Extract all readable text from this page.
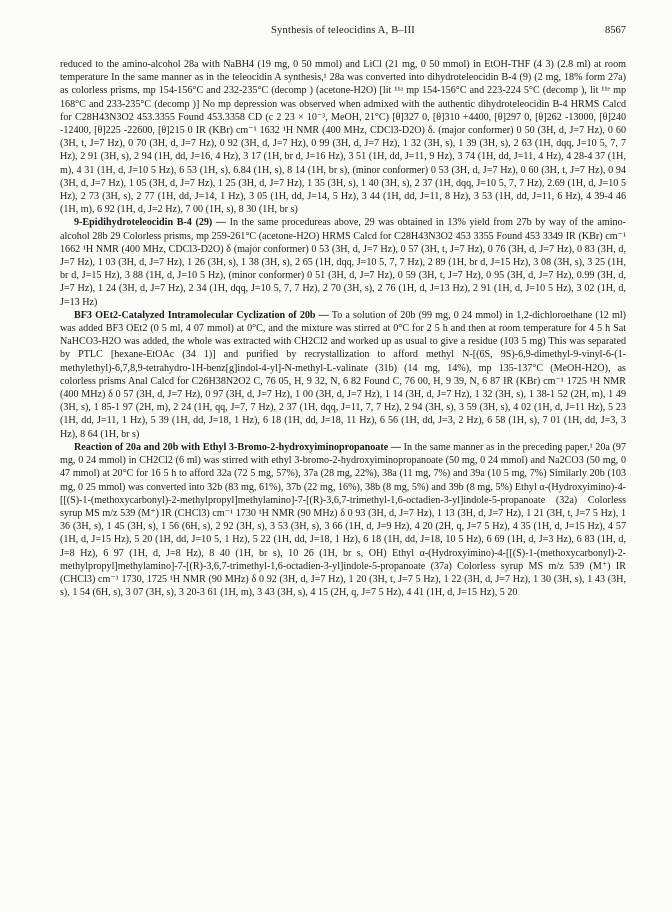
Synthesis of teleocidins A, B–III	8567

reduced to the amino-alcohol 28a with NaBH4 (19 mg, 0 50 mmol) and LiCl (21 mg, 0 50 mmol) in EtOH-THF (4 3) (2.8 ml) at room temperature In the same manner as in the teleocidin A synthesis,¹ 28a was converted into dihydroteleocidin B-4 (9) (2 mg, 18% form 27a) as colorless prisms, mp 154-156°C and 232-235°C (decomp ) (acetone-H2O) [lit ¹¹ᵃ mp 154-156°C and 223-224 5°C (decomp ), lit ¹¹ᵉ mp 168°C and 233-235°C (decomp )] No mp depression was observed when admixed with the authentic dihydroteleocidin B-4 HRMS Calcd for C28H43N3O2 453.3355 Found 453.3358 CD (c 2 23 × 10⁻³, MeOH, 21°C) [θ]327 0, [θ]310 +4400, [θ]297 0, [θ]262 -13000, [θ]240 -12400, [θ]225 -22600, [θ]215 0 IR (KBr) cm⁻¹ 1632 ¹H NMR (400 MHz, CDCl3-D2O) δ. (major conformer) 0 50 (3H, d, J=7 Hz), 0 60 (3H, t, J=7 Hz), 0 70 (3H, d, J=7 Hz), 0 92 (3H, d, J=7 Hz), 0 99 (3H, d, J=7 Hz), 1 32 (3H, s), 1 39 (3H, s), 2 63 (1H, dqq, J=10 5, 7, 7 Hz), 2 91 (3H, s), 2 94 (1H, dd, J=16, 4 Hz), 3 17 (1H, br d, J=16 Hz), 3 51 (1H, dd, J=11, 9 Hz), 3 74 (1H, dd, J=11, 4 Hz), 4 28-4 37 (1H, m), 4 31 (1H, d, J=10 5 Hz), 6 53 (1H, s), 6.84 (1H, s), 8 14 (1H, br s), (minor conformer) 0 53 (3H, d, J=7 Hz), 0 60 (3H, t, J=7 Hz), 0 94 (3H, d, J=7 Hz), 1 05 (3H, d, J=7 Hz), 1 25 (3H, d, J=7 Hz), 1 35 (3H, s), 1 40 (3H, s), 2 37 (1H, dqq, J=10 5, 7, 7 Hz), 2.69 (1H, d, J=10 5 Hz), 2 73 (3H, s), 2 77 (1H, dd, J=14, 1 Hz), 3 05 (1H, dd, J=14, 5 Hz), 3 44 (1H, dd, J=11, 8 Hz), 3 53 (1H, dd, J=11, 6 Hz), 4 39-4 46 (1H, m), 6 92 (1H, d, J=2 Hz), 7 00 (1H, s), 8 30 (1H, br s)

9-Epidihydroteleocidin B-4 (29) — In the same procedureas above, 29 was obtained in 13% yield from 27b by way of the amino-alcohol 28b 29 Colorless prisms, mp 259-261°C (acetone-H2O) HRMS Calcd for C28H43N3O2 453 3355 Found 453 3349 IR (KBr) cm⁻¹ 1662 ¹H NMR (400 MHz, CDCl3-D2O) δ (major conformer) 0 53 (3H, d, J=7 Hz), 0 57 (3H, t, J=7 Hz), 0 76 (3H, d, J=7 Hz), 0 83 (3H, d, J=7 Hz), 1 03 (3H, d, J=7 Hz), 1 26 (3H, s), 1 38 (3H, s), 2 65 (1H, dqq, J=10 5, 7, 7 Hz), 2 89 (1H, br d, J=15 Hz), 3 08 (3H, s), 3 25 (1H, br d, J=15 Hz), 3 88 (1H, d, J=10 5 Hz), (minor conformer) 0 51 (3H, d, J=7 Hz), 0 59 (3H, t, J=7 Hz), 0 95 (3H, d, J=7 Hz), 0.99 (3H, d, J=7 Hz), 1 24 (3H, d, J=7 Hz), 2 34 (1H, dqq, J=10 5, 7, 7 Hz), 2 70 (3H, s), 2 76 (1H, d, J=13 Hz), 2 91 (1H, d, J=10 5 Hz), 3 02 (1H, d, J=13 Hz)

BF3 OEt2-Catalyzed Intramolecular Cyclization of 20b — To a solution of 20b (99 mg, 0 24 mmol) in 1,2-dichloroethane (12 ml) was added BF3 OEt2 (0 5 ml, 4 07 mmol) at 0°C, and the mixture was stirred at 0°C for 2 5 h and then at room temperature for 4 5 h Sat NaHCO3-H2O was added, the whole was extracted with CH2Cl2 and worked up as usual to give a residue (103 5 mg) This was separated by PTLC [hexane-EtOAc (34 1)] and purified by recrystallization to afford methyl N-[(6S, 9S)-6,9-dimethyl-9-vinyl-6-(1-methylethyl)-6,7,8,9-tetrahydro-1H-benz[g]indol-4-yl]-N-methyl-L-valinate (31b) (14 mg, 14%), mp 135-137°C (MeOH-H2O), as colorless prisms Anal Calcd for C26H38N2O2 C, 76 05, H, 9 32, N, 6 82 Found C, 76 00, H, 9 39, N, 6 87 IR (KBr) cm⁻¹ 1725 ¹H NMR (400 MHz) δ 0 57 (3H, d, J=7 Hz), 0 97 (3H, d, J=7 Hz), 1 00 (3H, d, J=7 Hz), 1 14 (3H, d, J=7 Hz), 1 32 (3H, s), 1 38-1 52 (2H, m), 1 49 (3H, s), 1 85-1 97 (2H, m), 2 24 (1H, qq, J=7, 7 Hz), 2 37 (1H, dqq, J=11, 7, 7 Hz), 2 94 (3H, s), 3 59 (3H, s), 4 02 (1H, d, J=11 Hz), 5 23 (1H, dd, J=11, 1 Hz), 5 39 (1H, dd, J=18, 1 Hz), 6 18 (1H, dd, J=18, 11 Hz), 6 56 (1H, dd, J=3, 2 Hz), 6 58 (1H, s), 7 01 (1H, dd, J=3, 3 Hz), 8 64 (1H, br s)

Reaction of 20a and 20b with Ethyl 3-Bromo-2-hydroxyiminopropanoate — In the same manner as in the preceding paper,¹ 20a (97 mg, 0 24 mmol) in CH2Cl2 (6 ml) was stirred with ethyl 3-bromo-2-hydroxyiminopropanoate (50 mg, 0 24 mmol) and Na2CO3 (50 mg, 0 47 mmol) at 20°C for 16 5 h to afford 32a (72 5 mg, 57%), 37a (28 mg, 22%), 38a (11 mg, 7%) and 39a (10 5 mg, 7%) Similarly 20b (103 mg, 0 25 mmol) was converted into 32b (83 mg, 61%), 37b (22 mg, 16%), 38b (8 mg, 5%) and 39b (8 mg, 5%) Ethyl α-(Hydroxyimino)-4-[[(S)-1-(methoxycarbonyl)-2-methylpropyl]methylamino]-7-[(R)-3,6,7-trimethyl-1,6-octadien-3-yl]indole-5-propanoate (32a) Colorless syrup MS m/z 539 (M⁺) IR (CHCl3) cm⁻¹ 1730 ¹H NMR (90 MHz) δ 0 93 (3H, d, J=7 Hz), 1 13 (3H, d, J=7 Hz), 1 21 (3H, t, J=7 5 Hz), 1 36 (3H, s), 1 45 (3H, s), 1 56 (6H, s), 2 92 (3H, s), 3 53 (3H, s), 3 66 (1H, d, J=9 Hz), 4 20 (2H, q, J=7 5 Hz), 4 35 (1H, d, J=15 Hz), 4 57 (1H, d, J=15 Hz), 5 20 (1H, dd, J=10 5, 1 Hz), 5 22 (1H, dd, J=18, 1 Hz), 6 18 (1H, dd, J=18, 10 5 Hz), 6 69 (1H, d, J=3 Hz), 6 83 (1H, d, J=8 Hz), 6 97 (1H, d, J=8 Hz), 8 40 (1H, br s), 10 26 (1H, br s, OH) Ethyl α-(Hydroxyimino)-4-[[(S)-1-(methoxycarbonyl)-2-methylpropyl]methylamino]-7-[(R)-3,6,7-trimethyl-1,6-octadien-3-yl]indole-5-propanoate (37a) Colorless syrup MS m/z 539 (M⁺) IR (CHCl3) cm⁻¹ 1730, 1725 ¹H NMR (90 MHz) δ 0 92 (3H, d, J=7 Hz), 1 20 (3H, t, J=7 5 Hz), 1 22 (3H, d, J=7 Hz), 1 30 (3H, s), 1 43 (3H, s), 1 54 (6H, s), 3 07 (3H, s), 3 20-3 61 (1H, m), 3 43 (3H, s), 4 15 (2H, q, J=7 5 Hz), 4 41 (1H, d, J=15 Hz), 5 20
